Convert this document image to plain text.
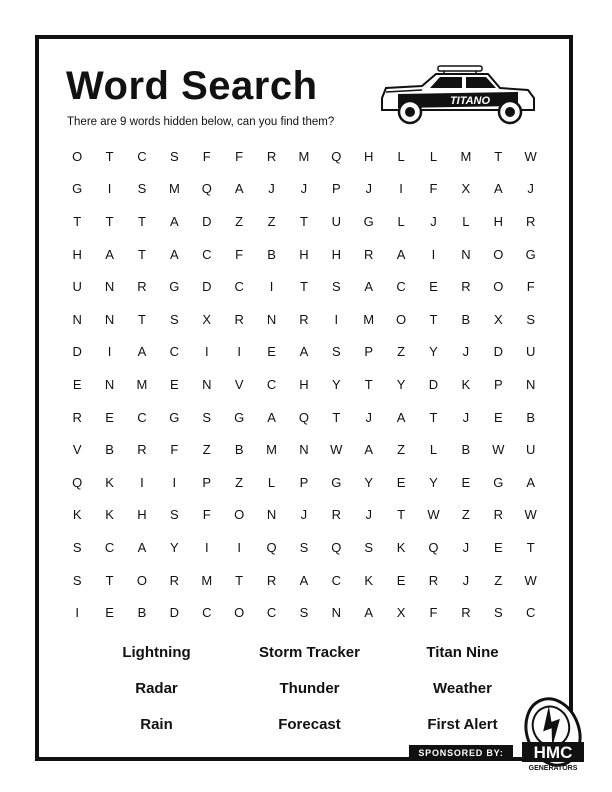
Word Search

There are 9 words hidden below, can you find them?

TITANO
O	T	C	S	F	F	R	M	Q	H	L	L	M	T	W
G	I	S	M	Q	A	J	J	P	J	I	F	X	A	J
T	T	T	A	D	Z	Z	T	U	G	L	J	L	H	R
H	A	T	A	C	F	B	H	H	R	A	I	N	O	G
U	N	R	G	D	C	I	T	S	A	C	E	R	O	F
N	N	T	S	X	R	N	R	I	M	O	T	B	X	S
D	I	A	C	I	I	E	A	S	P	Z	Y	J	D	U
E	N	M	E	N	V	C	H	Y	T	Y	D	K	P	N
R	E	C	G	S	G	A	Q	T	J	A	T	J	E	B
V	B	R	F	Z	B	M	N	W	A	Z	L	B	W	U
Q	K	I	I	P	Z	L	P	G	Y	E	Y	E	G	A
K	K	H	S	F	O	N	J	R	J	T	W	Z	R	W
S	C	A	Y	I	I	Q	S	Q	S	K	Q	J	E	T
S	T	O	R	M	T	R	A	C	K	E	R	J	Z	W
I	E	B	D	C	O	C	S	N	A	X	F	R	S	C
Lightning	Storm Tracker	Titan Nine
Radar	Thunder	Weather
Rain	Forecast	First Alert
SPONSORED BY:	HMC
GENERATORS
